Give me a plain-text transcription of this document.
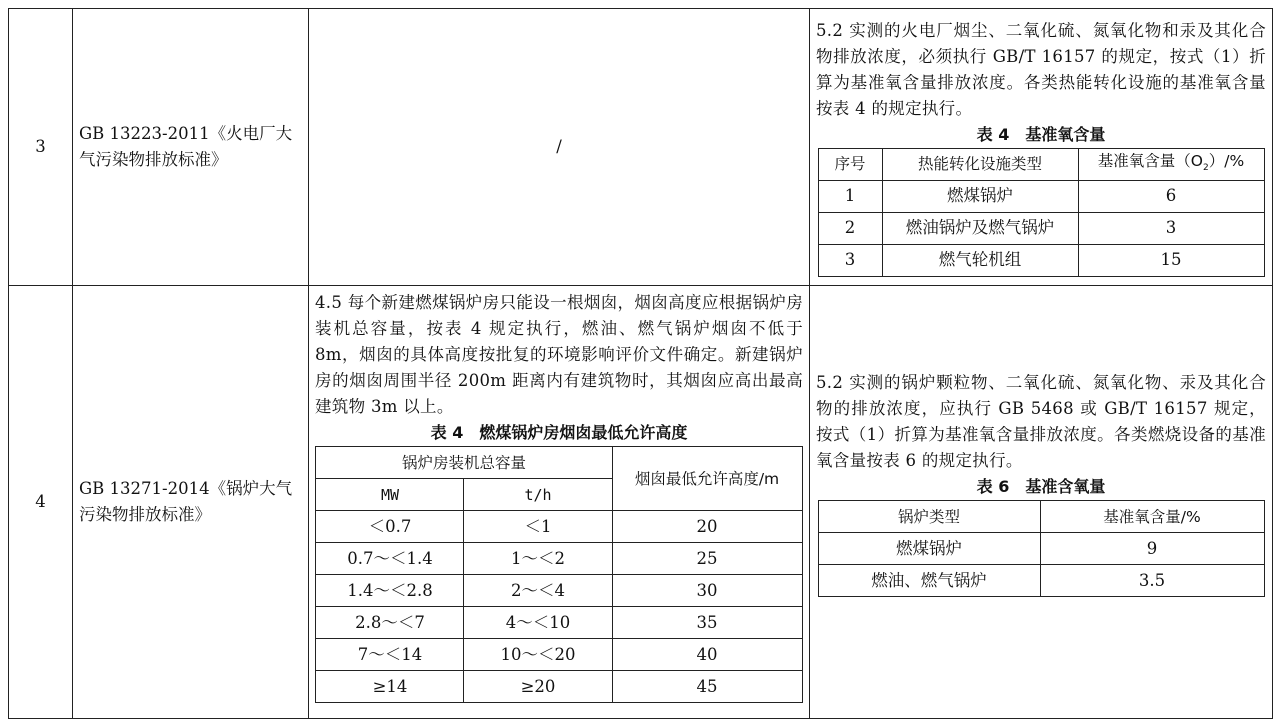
3	GB 13223-2011《火电厂大气污染物排放标准》	/	
5.2 实测的火电厂烟尘、二氧化硫、氮氧化物和汞及其化合物排放浓度，必须执行 GB/T 16157 的规定，按式（1）折算为基准氧含量排放浓度。各类热能转化设施的基准氧含量按表 4 的规定执行。
表 4　基准氧含量
序号	热能转化设施类型	基准氧含量$(O_2)/\%$
1	燃煤锅炉	6
2	燃油锅炉及燃气锅炉	3
3	燃气轮机组	15

4	GB 13271-2014《锅炉大气污染物排放标准》	
4.5 每个新建燃煤锅炉房只能设一根烟囱，烟囱高度应根据锅炉房装机总容量，按表 4 规定执行，燃油、燃气锅炉烟囱不低于 8m，烟囱的具体高度按批复的环境影响评价文件确定。新建锅炉房的烟囱周围半径 200m 距离内有建筑物时，其烟囱应高出最高建筑物 3m 以上。
表 4　燃煤锅炉房烟囱最低允许高度
锅炉房装机总容量	烟囱最低允许高度/m
MW	t/h
＜0.7	＜1	20
0.7～＜1.4	1～＜2	25
1.4～＜2.8	2～＜4	30
2.8～＜7	4～＜10	35
7～＜14	10～＜20	40
≥14	≥20	45

5.2 实测的锅炉颗粒物、二氧化硫、氮氧化物、汞及其化合物的排放浓度，应执行 GB 5468 或 GB/T 16157 规定，按式（1）折算为基准氧含量排放浓度。各类燃烧设备的基准氧含量按表 6 的规定执行。
表 6　基准含氧量
锅炉类型	基准氧含量/%
燃煤锅炉	9
燃油、燃气锅炉	3.5
